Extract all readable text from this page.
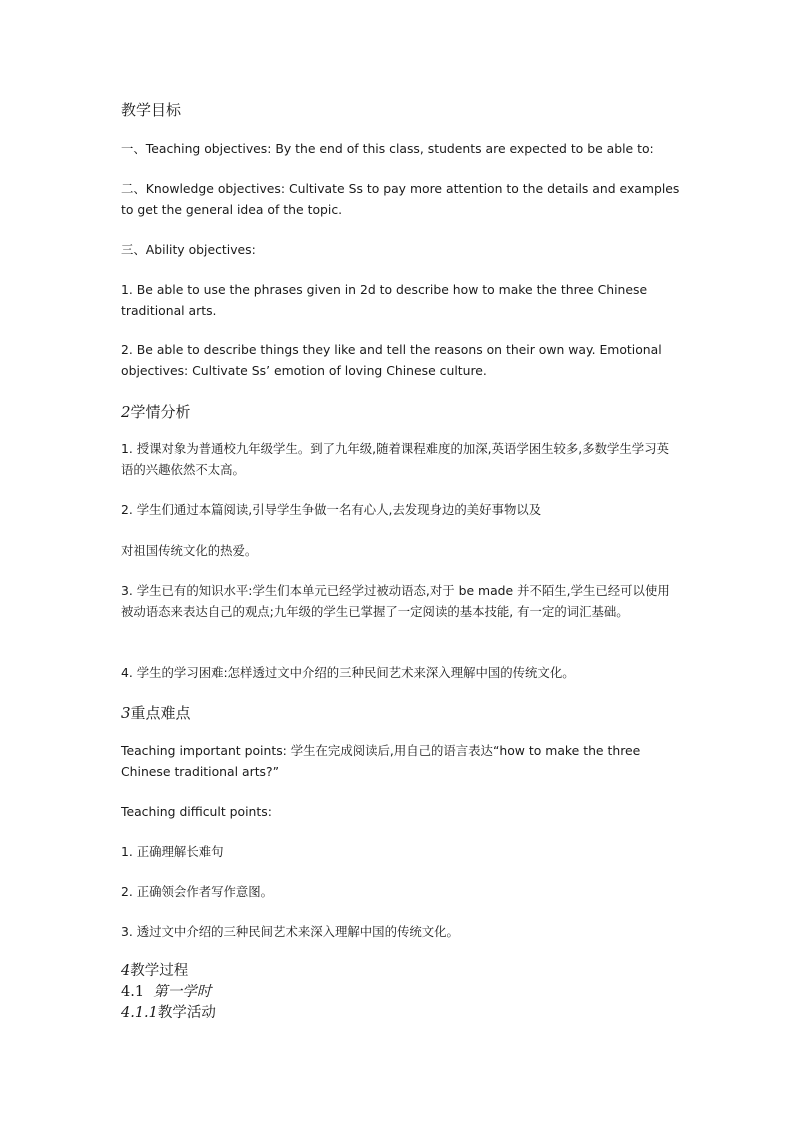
教学目标

一、Teaching objectives: By the end of this class, students are expected to be able to:

二、Knowledge objectives: Cultivate Ss to pay more attention to the details and examples to get the general idea of the topic.

三、Ability objectives:

1. Be able to use the phrases given in 2d to describe how to make the three Chinese traditional arts.

2. Be able to describe things they like and tell the reasons on their own way. Emotional objectives: Cultivate Ss’ emotion of loving Chinese culture.

2学情分析

1. 授课对象为普通校九年级学生。到了九年级,随着课程难度的加深,英语学困生较多,多数学生学习英语的兴趣依然不太高。

2. 学生们通过本篇阅读,引导学生争做一名有心人,去发现身边的美好事物以及

对祖国传统文化的热爱。

3. 学生已有的知识水平:学生们本单元已经学过被动语态,对于 be made 并不陌生,学生已经可以使用被动语态来表达自己的观点;九年级的学生已掌握了一定阅读的基本技能, 有一定的词汇基础。

4. 学生的学习困难:怎样透过文中介绍的三种民间艺术来深入理解中国的传统文化。

3重点难点

Teaching important points: 学生在完成阅读后,用自己的语言表达“how to make the three Chinese traditional arts?”

Teaching difficult points:

1. 正确理解长难句

2. 正确领会作者写作意图。

3. 透过文中介绍的三种民间艺术来深入理解中国的传统文化。

4教学过程
4.1 第一学时
4.1.1教学活动
